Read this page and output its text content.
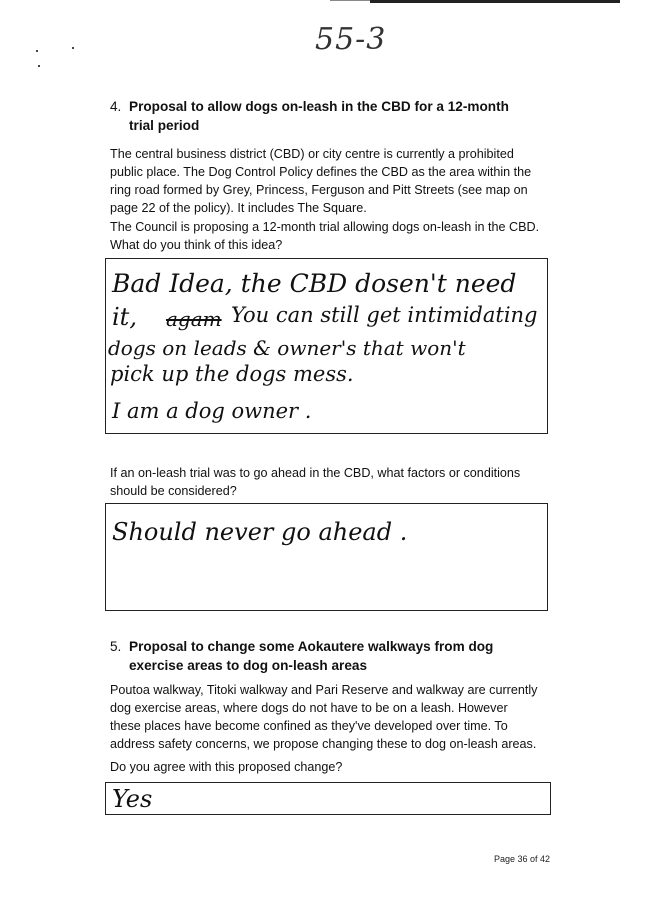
55-3
4. Proposal to allow dogs on-leash in the CBD for a 12-month trial period
The central business district (CBD) or city centre is currently a prohibited public place. The Dog Control Policy defines the CBD as the area within the ring road formed by Grey, Princess, Ferguson and Pitt Streets (see map on page 22 of the policy). It includes The Square.
The Council is proposing a 12-month trial allowing dogs on-leash in the CBD. What do you think of this idea?
Bad Idea, the CBD dosen't need
it, agam You can still get intimidating
dogs on leads & owner's that won't
pick up the dogs mess.
I am a dog owner .
If an on-leash trial was to go ahead in the CBD, what factors or conditions should be considered?
Should never go ahead .
5. Proposal to change some Aokautere walkways from dog exercise areas to dog on-leash areas
Poutoa walkway, Titoki walkway and Pari Reserve and walkway are currently dog exercise areas, where dogs do not have to be on a leash. However these places have become confined as they've developed over time. To address safety concerns, we propose changing these to dog on-leash areas.
Do you agree with this proposed change?
Yes
Page 36 of 42
